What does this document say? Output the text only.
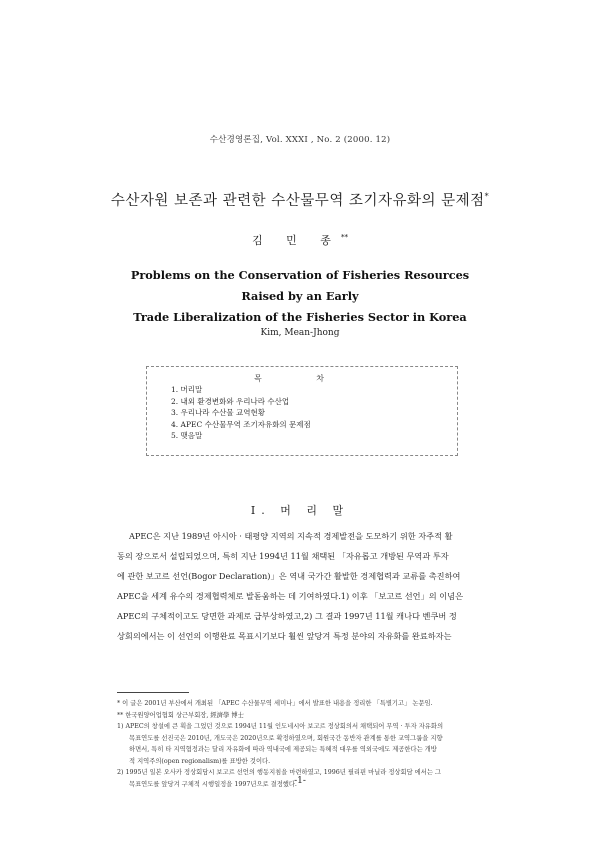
수산경영론집, Vol. XXXI , No. 2 (2000. 12)
수산자원 보존과 관련한 수산물무역 조기자유화의 문제점*
김 민 종**
Problems on the Conservation of Fisheries Resources Raised by an Early
Trade Liberalization of the Fisheries Sector in Korea
Kim, Mean-Jhong
목 차
1. 머리말
2. 내외 환경변화와 우리나라 수산업
3. 우리나라 수산물 교역현황
4. APEC 수산물무역 조기자유화의 문제점
5. 맺음말
Ⅰ. 머 리 말
APEC은 지난 1989년 아시아 · 태평양 지역의 지속적 경제발전을 도모하기 위한 자주적 활
동의 장으로서 설립되었으며, 특히 지난 1994년 11월 채택된 「자유롭고 개방된 무역과 투자
에 관한 보고르 선언(Bogor Declaration)」은 역내 국가간 활발한 경제협력과 교류를 촉진하여
APEC을 세계 유수의 경제협력체로 발돋움하는 데 기여하였다.1) 이후 「보고르 선언」의 이념은
APEC의 구체적이고도 당면한 과제로 급부상하였고,2) 그 결과 1997년 11월 캐나다 벤쿠버 정
상회의에서는 이 선언의 이행완료 목표시기보다 훨씬 앞당겨 특정 분야의 자유화를 완료하자는
* 이 글은 2001년 부산에서 개최된 「APEC 수산물무역 세미나」에서 발표한 내용을 정리한 「특별기고」 논문임.
** 한국원양어업협회 상근부회장, 經濟學 博士
1) APEC의 창설에 큰 획을 그었던 것으로 1994년 11월 인도네시아 보고르 정상회의서 채택되어 무역 · 투자 자유화의
목표연도를 선진국은 2010년, 개도국은 2020년으로 확정하였으며, 회원국간 동반자 관계를 통한 교역그룹을 지향
하면서, 특히 타 지역협정과는 달리 자유화에 따라 역내국에 제공되는 특혜적 대우를 역외국에도 제공한다는 개방
적 지역주의(open regionalism)를 표방한 것이다.
2) 1995년 일본 오사카 정상회담시 보고르 선언의 행동지침을 마련하였고, 1996년 필리핀 마닐라 정상회담 에서는 그
목표연도를 앞당겨 구체적 시행일정을 1997년으로 결정했다.
-1-
